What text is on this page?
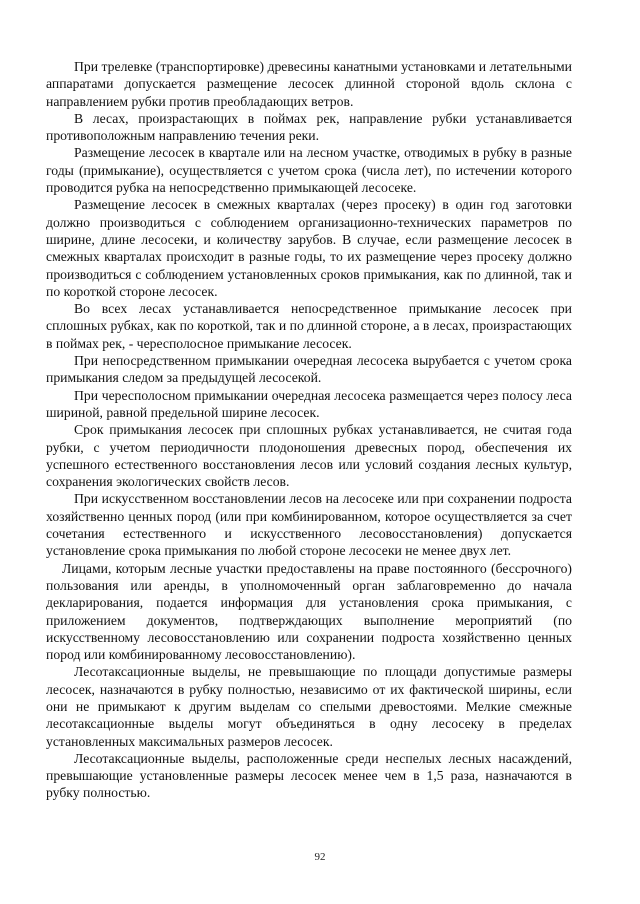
При трелевке (транспортировке) древесины канатными установками и летательными аппаратами допускается размещение лесосек длинной стороной вдоль склона с направлением рубки против преобладающих ветров.

В лесах, произрастающих в поймах рек, направление рубки устанавливается противоположным направлению течения реки.

Размещение лесосек в квартале или на лесном участке, отводимых в рубку в разные годы (примыкание), осуществляется с учетом срока (числа лет), по истечении которого проводится рубка на непосредственно примыкающей лесосеке.

Размещение лесосек в смежных кварталах (через просеку) в один год заготовки должно производиться с соблюдением организационно-технических параметров по ширине, длине лесосеки, и количеству зарубов. В случае, если размещение лесосек в смежных кварталах происходит в разные годы, то их размещение через просеку должно производиться с соблюдением установленных сроков примыкания, как по длинной, так и по короткой стороне лесосек.

Во всех лесах устанавливается непосредственное примыкание лесосек при сплошных рубках, как по короткой, так и по длинной стороне, а в лесах, произрастающих в поймах рек, - чересполосное примыкание лесосек.

При непосредственном примыкании очередная лесосека вырубается с учетом срока примыкания следом за предыдущей лесосекой.

При чересполосном примыкании очередная лесосека размещается через полосу леса шириной, равной предельной ширине лесосек.

Срок примыкания лесосек при сплошных рубках устанавливается, не считая года рубки, с учетом периодичности плодоношения древесных пород, обеспечения их успешного естественного восстановления лесов или условий создания лесных культур, сохранения экологических свойств лесов.

При искусственном восстановлении лесов на лесосеке или при сохранении подроста хозяйственно ценных пород (или при комбинированном, которое осуществляется за счет сочетания естественного и искусственного лесовосстановления) допускается установление срока примыкания по любой стороне лесосеки не менее двух лет.

Лицами, которым лесные участки предоставлены на праве постоянного (бессрочного) пользования или аренды, в уполномоченный орган заблаговременно до начала декларирования, подается информация для установления срока примыкания, с приложением документов, подтверждающих выполнение мероприятий (по искусственному лесовосстановлению или сохранении подроста хозяйственно ценных пород или комбинированному лесовосстановлению).

Лесотаксационные выделы, не превышающие по площади допустимые размеры лесосек, назначаются в рубку полностью, независимо от их фактической ширины, если они не примыкают к другим выделам со спелыми древостоями. Мелкие смежные лесотаксационные выделы могут объединяться в одну лесосеку в пределах установленных максимальных размеров лесосек.

Лесотаксационные выделы, расположенные среди неспелых лесных насаждений, превышающие установленные размеры лесосек менее чем в 1,5 раза, назначаются в рубку полностью.

92
